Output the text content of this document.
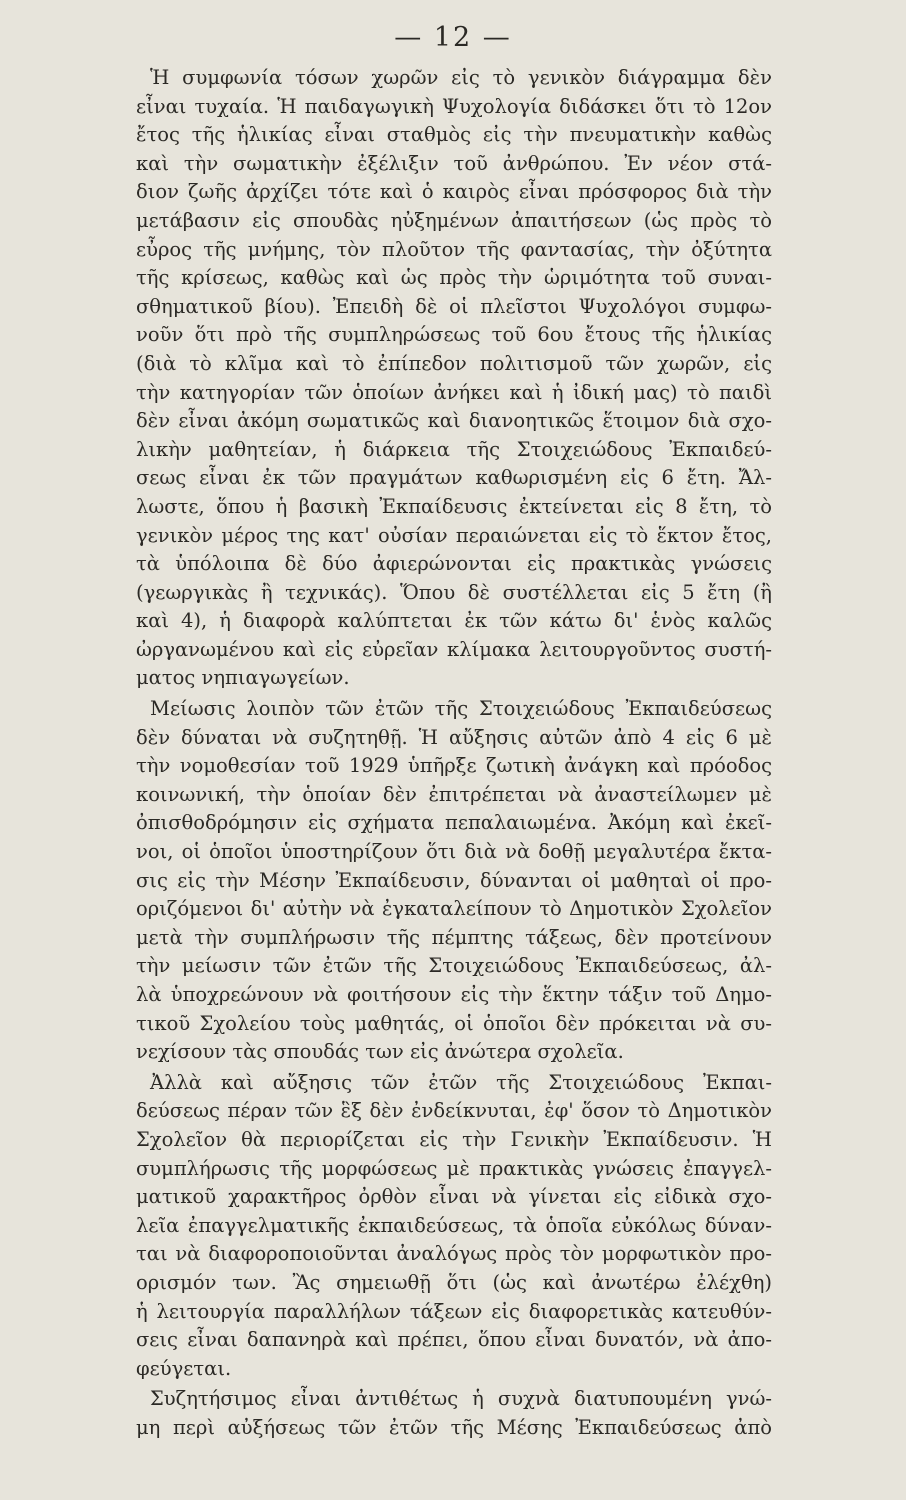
— 12 —
Ἡ συμφωνία τόσων χωρῶν εἰς τὸ γενικὸν διάγραμμα δὲν
εἶναι τυχαία. Ἡ παιδαγωγικὴ Ψυχολογία διδάσκει ὅτι τὸ 12ον
ἔτος τῆς ἡλικίας εἶναι σταθμὸς εἰς τὴν πνευματικὴν καθὼς
καὶ τὴν σωματικὴν ἐξέλιξιν τοῦ ἀνθρώπου. Ἐν νέον στά-
διον ζωῆς ἀρχίζει τότε καὶ ὁ καιρὸς εἶναι πρόσφορος διὰ τὴν
μετάβασιν εἰς σπουδὰς ηὐξημένων ἀπαιτήσεων (ὡς πρὸς τὸ
εὖρος τῆς μνήμης, τὸν πλοῦτον τῆς φαντασίας, τὴν ὀξύτητα
τῆς κρίσεως, καθὼς καὶ ὡς πρὸς τὴν ὡριμότητα τοῦ συναι-
σθηματικοῦ βίου). Ἐπειδὴ δὲ οἱ πλεῖστοι Ψυχολόγοι συμφω-
νοῦν ὅτι πρὸ τῆς συμπληρώσεως τοῦ 6ου ἔτους τῆς ἡλικίας
(διὰ τὸ κλῖμα καὶ τὸ ἐπίπεδον πολιτισμοῦ τῶν χωρῶν, εἰς
τὴν κατηγορίαν τῶν ὁποίων ἀνήκει καὶ ἡ ἰδική μας) τὸ παιδὶ
δὲν εἶναι ἀκόμη σωματικῶς καὶ διανοητικῶς ἕτοιμον διὰ σχο-
λικὴν μαθητείαν, ἡ διάρκεια τῆς Στοιχειώδους Ἐκπαιδεύ-
σεως εἶναι ἐκ τῶν πραγμάτων καθωρισμένη εἰς 6 ἔτη. Ἄλ-
λωστε, ὅπου ἡ βασικὴ Ἐκπαίδευσις ἐκτείνεται εἰς 8 ἔτη, τὸ
γενικὸν μέρος της κατ' οὐσίαν περαιώνεται εἰς τὸ ἕκτον ἔτος,
τὰ ὑπόλοιπα δὲ δύο ἀφιερώνονται εἰς πρακτικὰς γνώσεις
(γεωργικὰς ἢ τεχνικάς). Ὅπου δὲ συστέλλεται εἰς 5 ἔτη (ἢ
καὶ 4), ἡ διαφορὰ καλύπτεται ἐκ τῶν κάτω δι' ἑνὸς καλῶς
ὠργανωμένου καὶ εἰς εὐρεῖαν κλίμακα λειτουργοῦντος συστή-
ματος νηπιαγωγείων.
Μείωσις λοιπὸν τῶν ἐτῶν τῆς Στοιχειώδους Ἐκπαιδεύσεως
δὲν δύναται νὰ συζητηθῇ. Ἡ αὔξησις αὐτῶν ἀπὸ 4 εἰς 6 μὲ
τὴν νομοθεσίαν τοῦ 1929 ὑπῆρξε ζωτικὴ ἀνάγκη καὶ πρόοδος
κοινωνική, τὴν ὁποίαν δὲν ἐπιτρέπεται νὰ ἀναστείλωμεν μὲ
ὀπισθοδρόμησιν εἰς σχήματα πεπαλαιωμένα. Ἀκόμη καὶ ἐκεῖ-
νοι, οἱ ὁποῖοι ὑποστηρίζουν ὅτι διὰ νὰ δοθῇ μεγαλυτέρα ἔκτα-
σις εἰς τὴν Μέσην Ἐκπαίδευσιν, δύνανται οἱ μαθηταὶ οἱ προ-
οριζόμενοι δι' αὐτὴν νὰ ἐγκαταλείπουν τὸ Δημοτικὸν Σχολεῖον
μετὰ τὴν συμπλήρωσιν τῆς πέμπτης τάξεως, δὲν προτείνουν
τὴν μείωσιν τῶν ἐτῶν τῆς Στοιχειώδους Ἐκπαιδεύσεως, ἀλ-
λὰ ὑποχρεώνουν νὰ φοιτήσουν εἰς τὴν ἕκτην τάξιν τοῦ Δημο-
τικοῦ Σχολείου τοὺς μαθητάς, οἱ ὁποῖοι δὲν πρόκειται νὰ συ-
νεχίσουν τὰς σπουδάς των εἰς ἀνώτερα σχολεῖα.
Ἀλλὰ καὶ αὔξησις τῶν ἐτῶν τῆς Στοιχειώδους Ἐκπαι-
δεύσεως πέραν τῶν ἓξ δὲν ἐνδείκνυται, ἐφ' ὅσον τὸ Δημοτικὸν
Σχολεῖον θὰ περιορίζεται εἰς τὴν Γενικὴν Ἐκπαίδευσιν. Ἡ
συμπλήρωσις τῆς μορφώσεως μὲ πρακτικὰς γνώσεις ἐπαγγελ-
ματικοῦ χαρακτῆρος ὀρθὸν εἶναι νὰ γίνεται εἰς εἰδικὰ σχο-
λεῖα ἐπαγγελματικῆς ἐκπαιδεύσεως, τὰ ὁποῖα εὐκόλως δύναν-
ται νὰ διαφοροποιοῦνται ἀναλόγως πρὸς τὸν μορφωτικὸν προ-
ορισμόν των. Ἂς σημειωθῇ ὅτι (ὡς καὶ ἀνωτέρω ἐλέχθη)
ἡ λειτουργία παραλλήλων τάξεων εἰς διαφορετικὰς κατευθύν-
σεις εἶναι δαπανηρὰ καὶ πρέπει, ὅπου εἶναι δυνατόν, νὰ ἀπο-
φεύγεται.
Συζητήσιμος εἶναι ἀντιθέτως ἡ συχνὰ διατυπουμένη γνώ-
μη περὶ αὐξήσεως τῶν ἐτῶν τῆς Μέσης Ἐκπαιδεύσεως ἀπὸ
